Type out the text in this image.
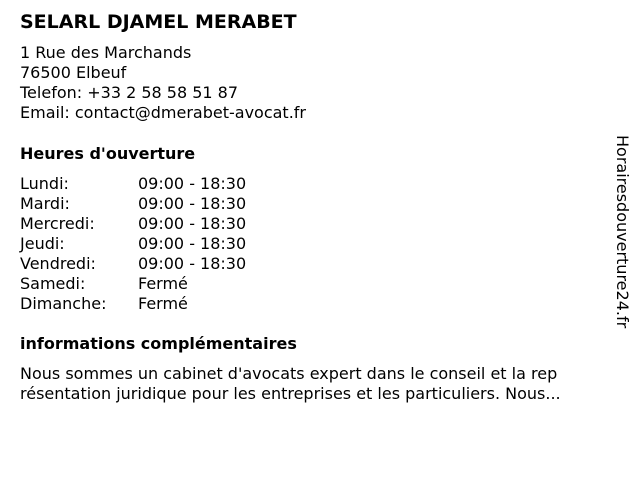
SELARL DJAMEL MERABET
1 Rue des Marchands
76500 Elbeuf
Telefon: +33 2 58 58 51 87
Email: contact@dmerabet-avocat.fr
Heures d'ouverture
Lundi:	09:00 - 18:30
Mardi:	09:00 - 18:30
Mercredi:	09:00 - 18:30
Jeudi:	09:00 - 18:30
Vendredi:	09:00 - 18:30
Samedi:	Fermé
Dimanche: Fermé
informations complémentaires
Nous sommes un cabinet d'avocats expert dans le conseil et la rep
résentation juridique pour les entreprises et les particuliers. Nous...
Horairesdouverture24.fr
